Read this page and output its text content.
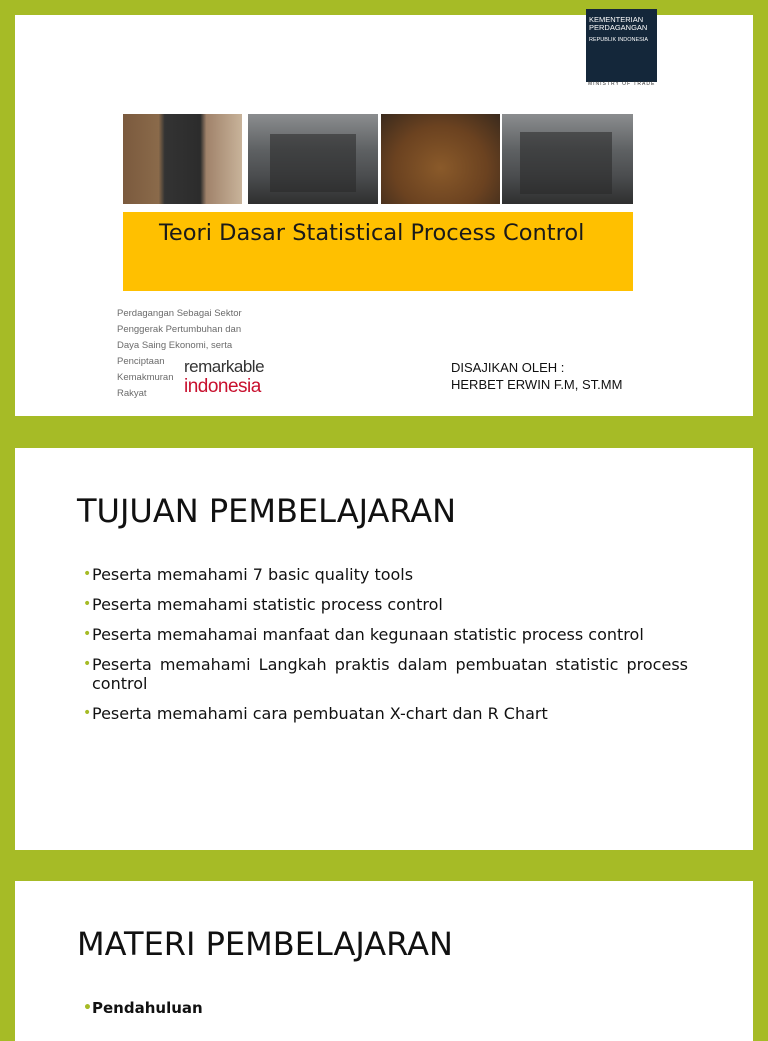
KEMENTERIAN
PERDAGANGAN
REPUBLIK INDONESIA
MINISTRY OF TRADE
Teori Dasar Statistical Process Control
Perdagangan Sebagai Sektor
Penggerak Pertumbuhan dan
Daya Saing Ekonomi, serta
Penciptaan
Kemakmuran
Rakyat
remarkable
indonesia
DISAJIKAN OLEH :
HERBET ERWIN F.M, ST.MM
TUJUAN PEMBELAJARAN
• Peserta memahami 7 basic quality tools
• Peserta memahami statistic process control
• Peserta memahamai manfaat dan kegunaan statistic process control
• Peserta memahami Langkah praktis dalam pembuatan statistic process control
• Peserta memahami cara pembuatan X-chart dan R Chart
MATERI PEMBELAJARAN
• Pendahuluan
